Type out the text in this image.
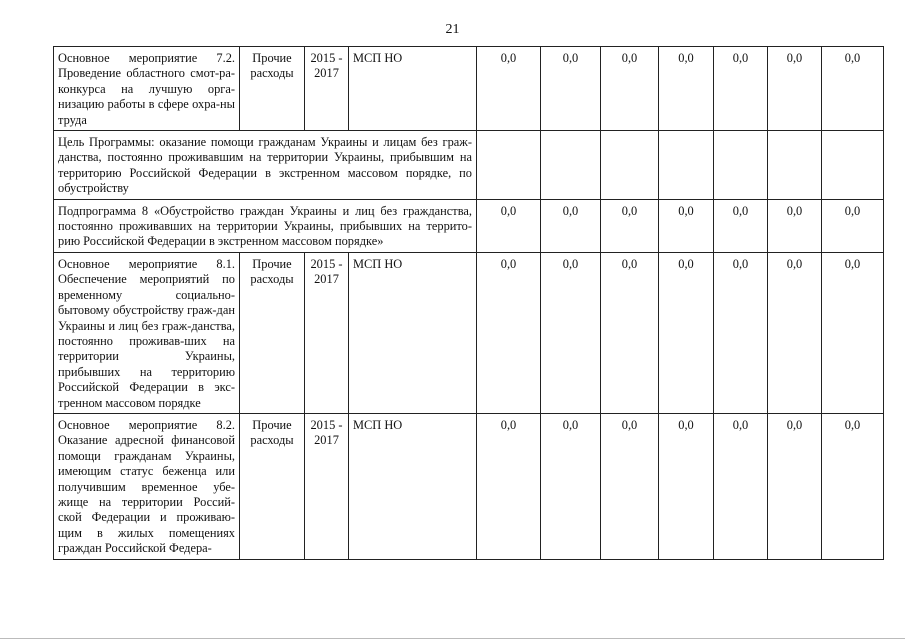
21
Основное мероприятие 7.2. Проведение областного смот-ра-конкурса на лучшую орга-низацию работы в сфере охра-ны труда	Прочие расходы	2015 - 2017	МСП НО	0,0	0,0	0,0	0,0	0,0	0,0	0,0
Цель Программы: оказание помощи гражданам Украины и лицам без граж-данства, постоянно проживавшим на территории Украины, прибывшим на территорию Российской Федерации в экстренном массовом порядке, по обустройству										
Подпрограмма 8 «Обустройство граждан Украины и лиц без гражданства, постоянно проживавших на территории Украины, прибывших на террито-рию Российской Федерации в экстренном массовом порядке»				0,0	0,0	0,0	0,0	0,0	0,0	0,0
Основное мероприятие 8.1. Обеспечение мероприятий по временному социально-бытовому обустройству граж-дан Украины и лиц без граж-данства, постоянно проживав-ших на территории Украины, прибывших на территорию Российской Федерации в экс-тренном массовом порядке	Прочие расходы	2015 - 2017	МСП НО	0,0	0,0	0,0	0,0	0,0	0,0	0,0
Основное мероприятие 8.2. Оказание адресной финансовой помощи гражданам Украины, имеющим статус беженца или получившим временное убе-жище на территории Россий-ской Федерации и проживаю-щим в жилых помещениях граждан Российской Федера-	Прочие расходы	2015 - 2017	МСП НО	0,0	0,0	0,0	0,0	0,0	0,0	0,0
